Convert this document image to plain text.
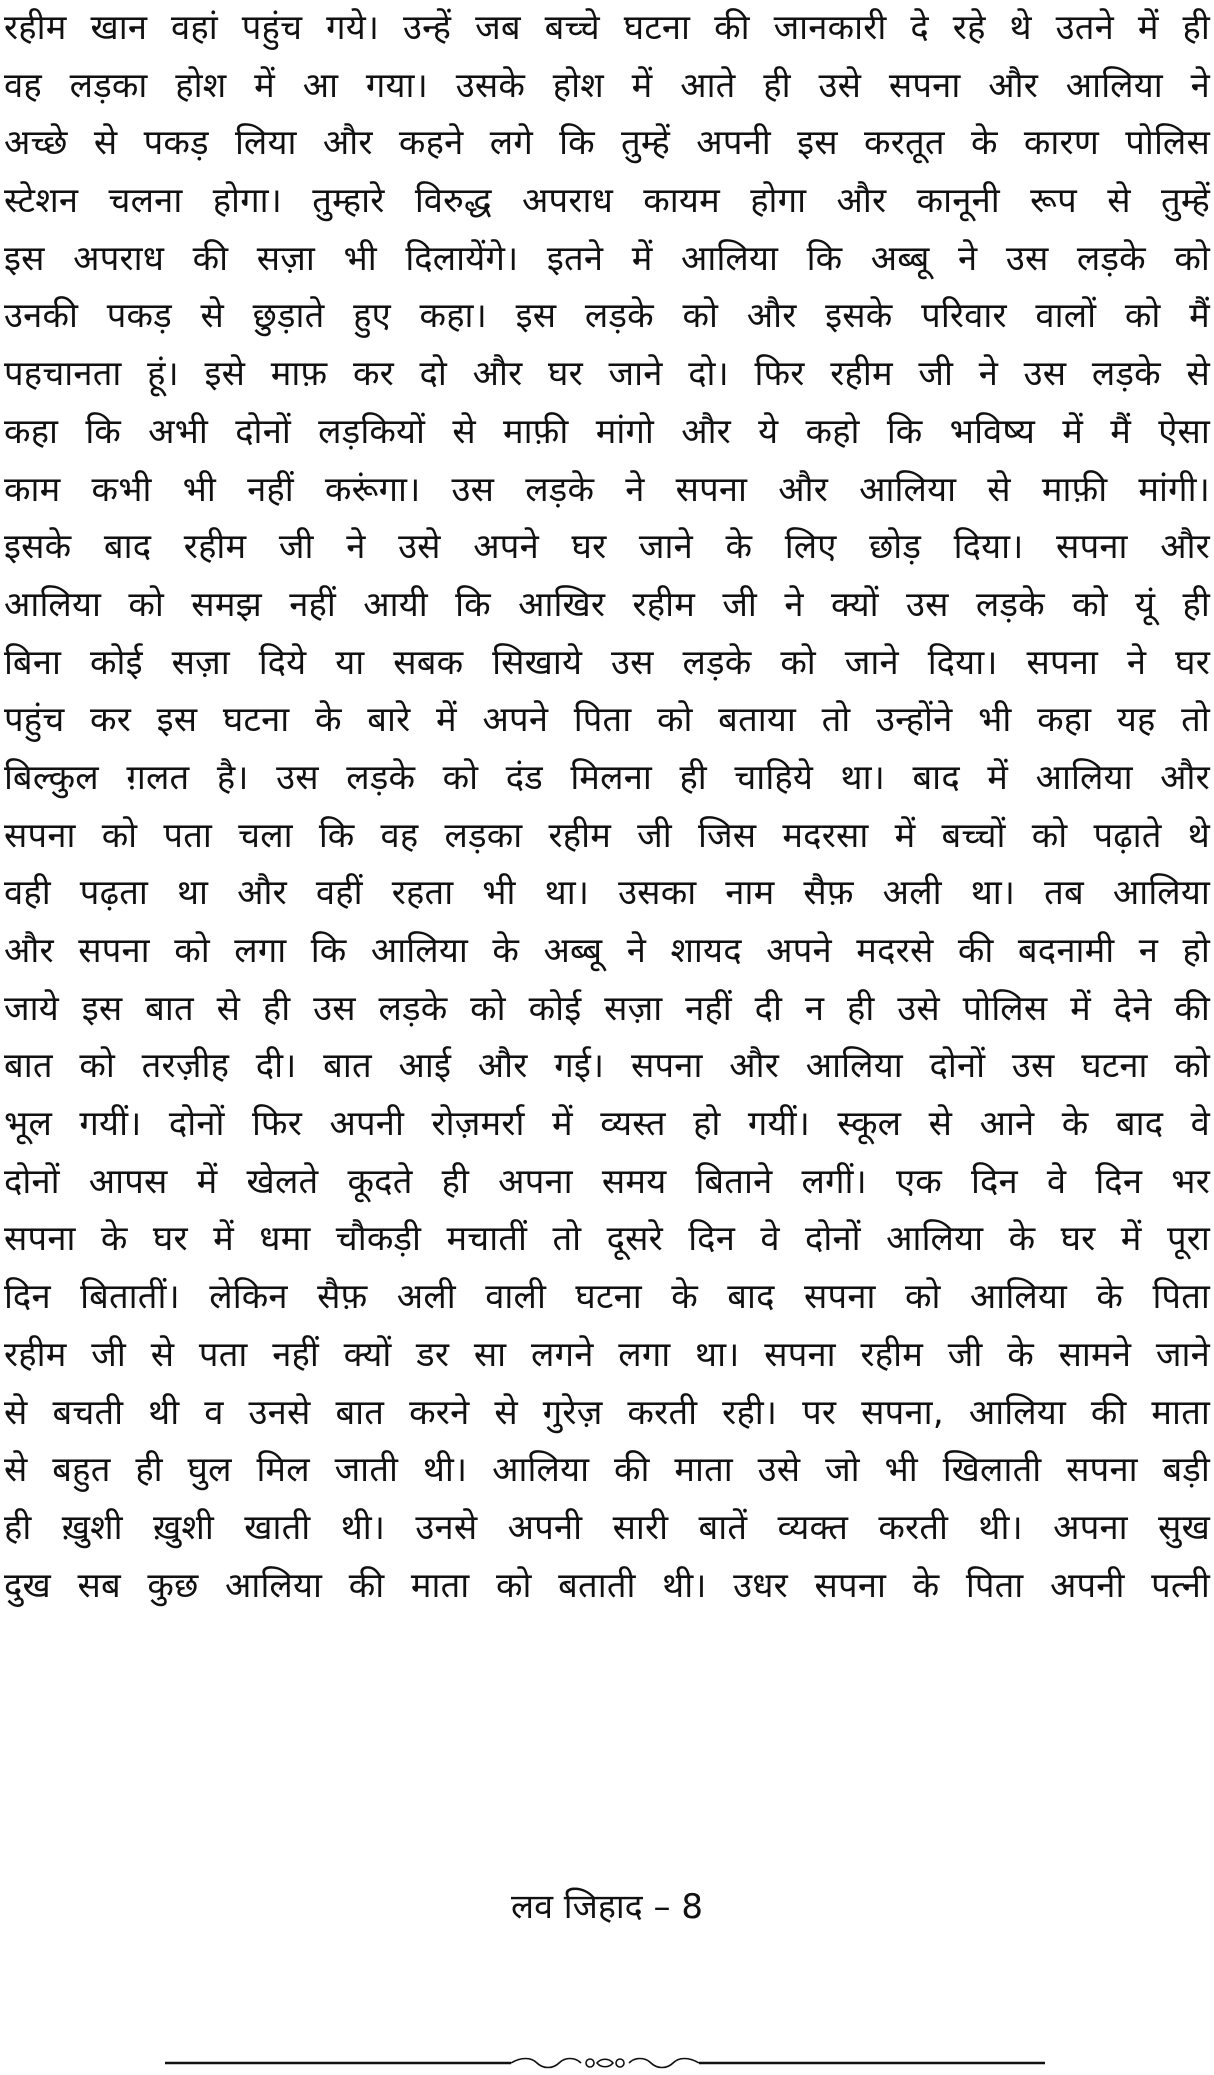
रहीम खान वहां पहुंच गये। उन्हें जब बच्चे घटना की जानकारी दे रहे थे उतने में ही
वह लड़का होश में आ गया। उसके होश में आते ही उसे सपना और आलिया ने
अच्छे से पकड़ लिया और कहने लगे कि तुम्हें अपनी इस करतूत के कारण पोलिस
स्टेशन चलना होगा। तुम्हारे विरुद्ध अपराध कायम होगा और कानूनी रूप से तुम्हें
इस अपराध की सज़ा भी दिलायेंगे। इतने में आलिया कि अब्बू ने उस लड़के को
उनकी पकड़ से छुड़ाते हुए कहा। इस लड़के को और इसके परिवार वालों को मैं
पहचानता हूं। इसे माफ़ कर दो और घर जाने दो। फिर रहीम जी ने उस लड़के से
कहा कि अभी दोनों लड़कियों से माफ़ी मांगो और ये कहो कि भविष्य में मैं ऐसा
काम कभी भी नहीं करूंगा। उस लड़के ने सपना और आलिया से माफ़ी मांगी।
इसके बाद रहीम जी ने उसे अपने घर जाने के लिए छोड़ दिया। सपना और
आलिया को समझ नहीं आयी कि आखिर रहीम जी ने क्यों उस लड़के को यूं ही
बिना कोई सज़ा दिये या सबक सिखाये उस लड़के को जाने दिया। सपना ने घर
पहुंच कर इस घटना के बारे में अपने पिता को बताया तो उन्होंने भी कहा यह तो
बिल्कुल ग़लत है। उस लड़के को दंड मिलना ही चाहिये था। बाद में आलिया और
सपना को पता चला कि वह लड़का रहीम जी जिस मदरसा में बच्चों को पढ़ाते थे
वही पढ़ता था और वहीं रहता भी था। उसका नाम सैफ़ अली था। तब आलिया
और सपना को लगा कि आलिया के अब्बू ने शायद अपने मदरसे की बदनामी न हो
जाये इस बात से ही उस लड़के को कोई सज़ा नहीं दी न ही उसे पोलिस में देने की
बात को तरज़ीह दी। बात आई और गई। सपना और आलिया दोनों उस घटना को
भूल गयीं। दोनों फिर अपनी रोज़मर्रा में व्यस्त हो गयीं। स्कूल से आने के बाद वे
दोनों आपस में खेलते कूदते ही अपना समय बिताने लगीं। एक दिन वे दिन भर
सपना के घर में धमा चौकड़ी मचातीं तो दूसरे दिन वे दोनों आलिया के घर में पूरा
दिन बितातीं। लेकिन सैफ़ अली वाली घटना के बाद सपना को आलिया के पिता
रहीम जी से पता नहीं क्यों डर सा लगने लगा था। सपना रहीम जी के सामने जाने
से बचती थी व उनसे बात करने से गुरेज़ करती रही। पर सपना, आलिया की माता
से बहुत ही घुल मिल जाती थी। आलिया की माता उसे जो भी खिलाती सपना बड़ी
ही ख़ुशी ख़ुशी खाती थी। उनसे अपनी सारी बातें व्यक्त करती थी। अपना सुख
दुख सब कुछ आलिया की माता को बताती थी। उधर सपना के पिता अपनी पत्नी
लव जिहाद – 8
